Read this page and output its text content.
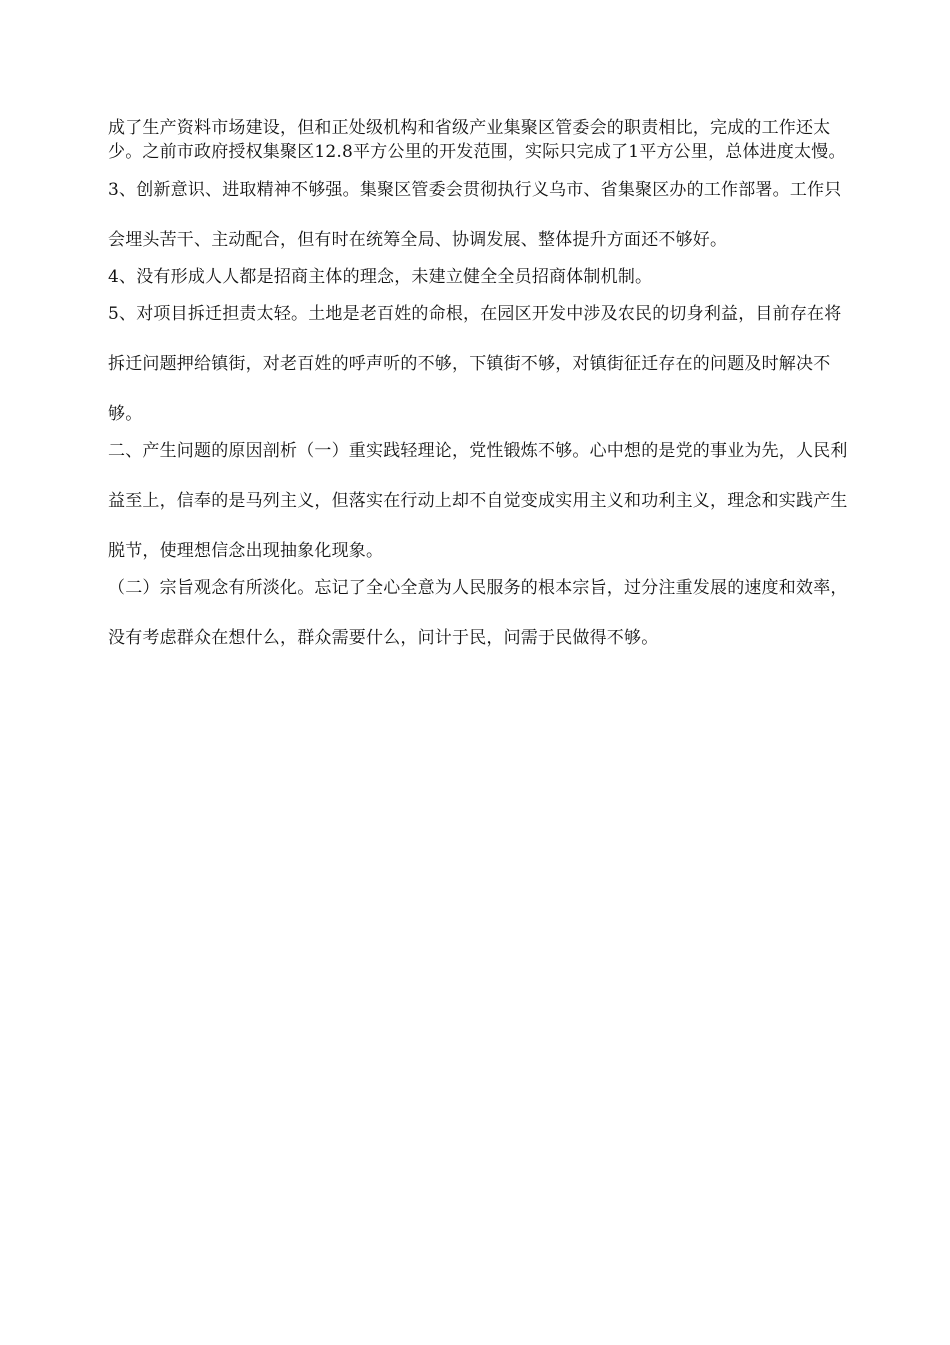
成了生产资料市场建设，但和正处级机构和省级产业集聚区管委会的职责相比，完成的工作还太少。之前市政府授权集聚区12.8平方公里的开发范围，实际只完成了1平方公里，总体进度太慢。

3、创新意识、进取精神不够强。集聚区管委会贯彻执行义乌市、省集聚区办的工作部署。工作只会埋头苦干、主动配合，但有时在统筹全局、协调发展、整体提升方面还不够好。

4、没有形成人人都是招商主体的理念，未建立健全全员招商体制机制。

5、对项目拆迁担责太轻。土地是老百姓的命根，在园区开发中涉及农民的切身利益，目前存在将拆迁问题押给镇街，对老百姓的呼声听的不够，下镇街不够，对镇街征迁存在的问题及时解决不够。

二、产生问题的原因剖析（一）重实践轻理论，党性锻炼不够。心中想的是党的事业为先，人民利益至上，信奉的是马列主义，但落实在行动上却不自觉变成实用主义和功利主义，理念和实践产生脱节，使理想信念出现抽象化现象。

（二）宗旨观念有所淡化。忘记了全心全意为人民服务的根本宗旨，过分注重发展的速度和效率，没有考虑群众在想什么，群众需要什么，问计于民，问需于民做得不够。
